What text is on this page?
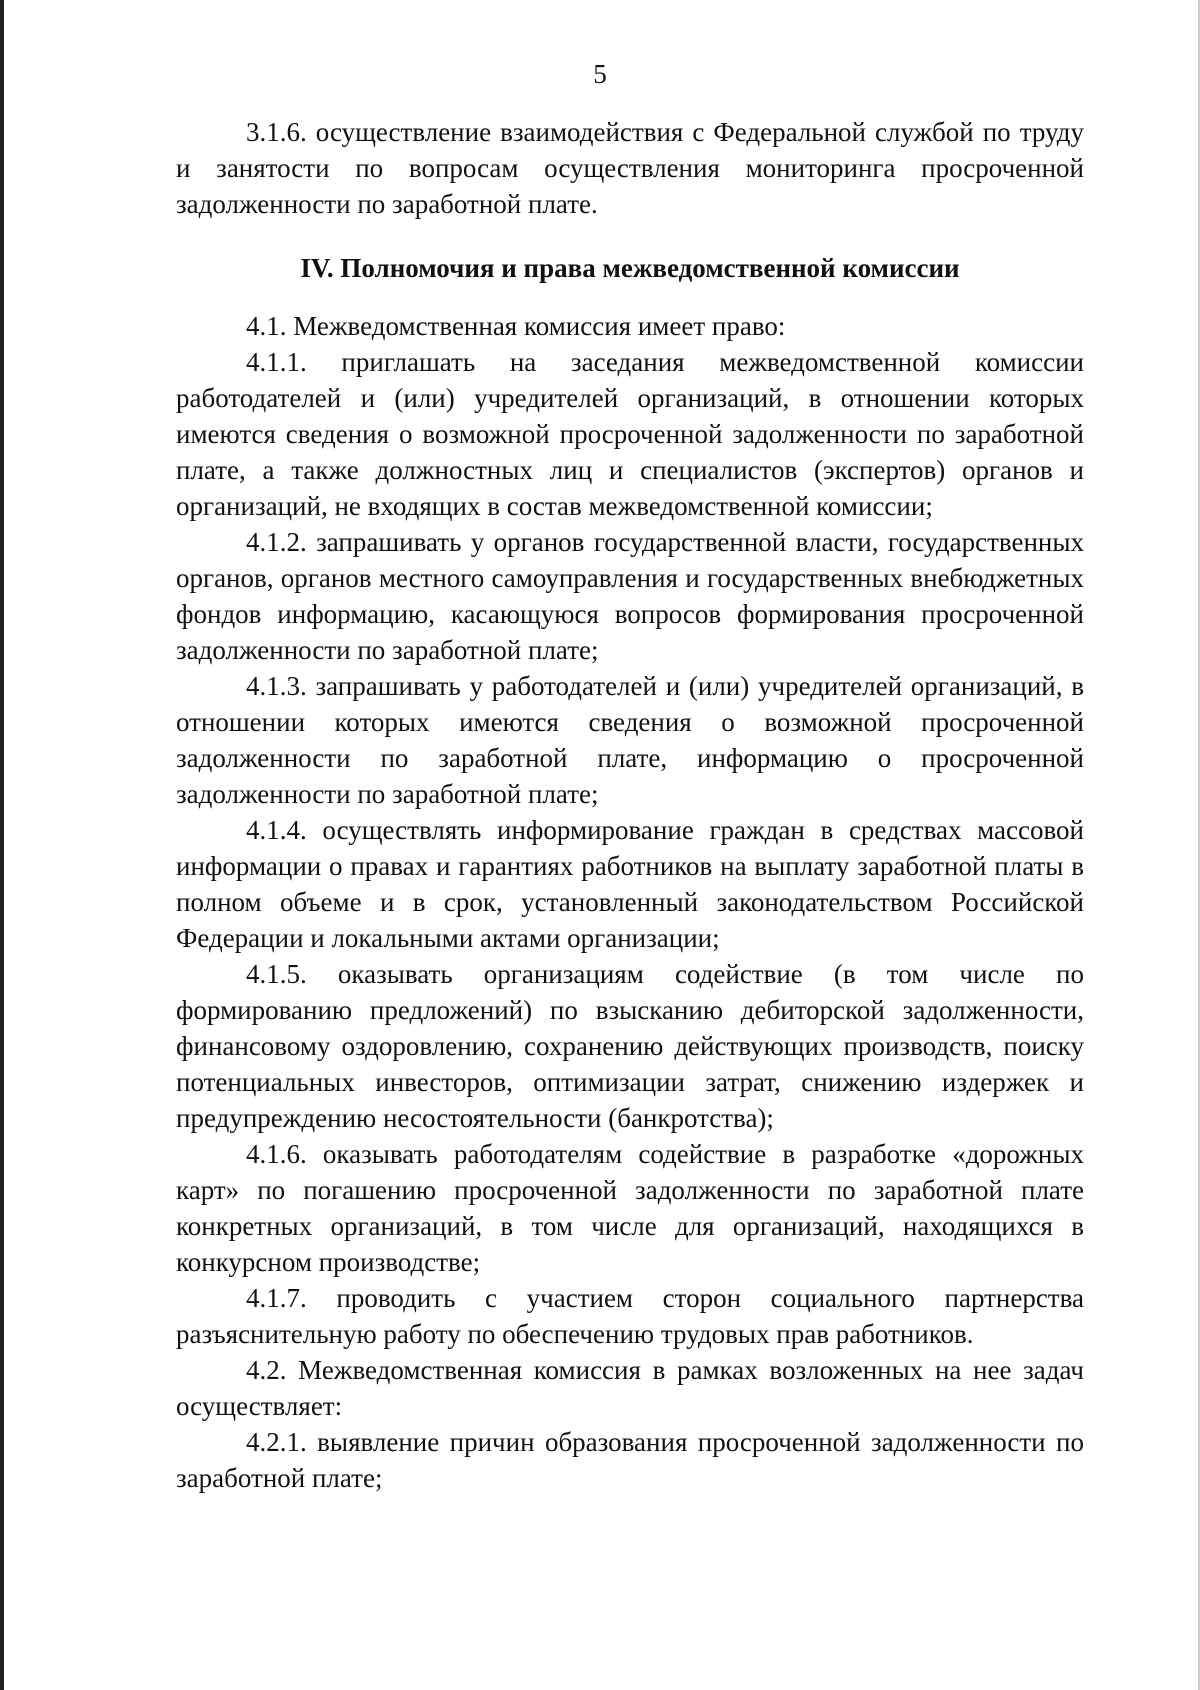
5

3.1.6. осуществление взаимодействия с Федеральной службой по труду и занятости по вопросам осуществления мониторинга просроченной задолженности по заработной плате.

IV. Полномочия и права межведомственной комиссии

4.1. Межведомственная комиссия имеет право:

4.1.1. приглашать на заседания межведомственной комиссии работодателей и (или) учредителей организаций, в отношении которых имеются сведения о возможной просроченной задолженности по заработной плате, а также должностных лиц и специалистов (экспертов) органов и организаций, не входящих в состав межведомственной комиссии;

4.1.2. запрашивать у органов государственной власти, государственных органов, органов местного самоуправления и государственных внебюджетных фондов информацию, касающуюся вопросов формирования просроченной задолженности по заработной плате;

4.1.3. запрашивать у работодателей и (или) учредителей организаций, в отношении которых имеются сведения о возможной просроченной задолженности по заработной плате, информацию о просроченной задолженности по заработной плате;

4.1.4. осуществлять информирование граждан в средствах массовой информации о правах и гарантиях работников на выплату заработной платы в полном объеме и в срок, установленный законодательством Российской Федерации и локальными актами организации;

4.1.5. оказывать организациям содействие (в том числе по формированию предложений) по взысканию дебиторской задолженности, финансовому оздоровлению, сохранению действующих производств, поиску потенциальных инвесторов, оптимизации затрат, снижению издержек и предупреждению несостоятельности (банкротства);

4.1.6. оказывать работодателям содействие в разработке «дорожных карт» по погашению просроченной задолженности по заработной плате конкретных организаций, в том числе для организаций, находящихся в конкурсном производстве;

4.1.7. проводить с участием сторон социального партнерства разъяснительную работу по обеспечению трудовых прав работников.

4.2. Межведомственная комиссия в рамках возложенных на нее задач осуществляет:

4.2.1. выявление причин образования просроченной задолженности по заработной плате;
